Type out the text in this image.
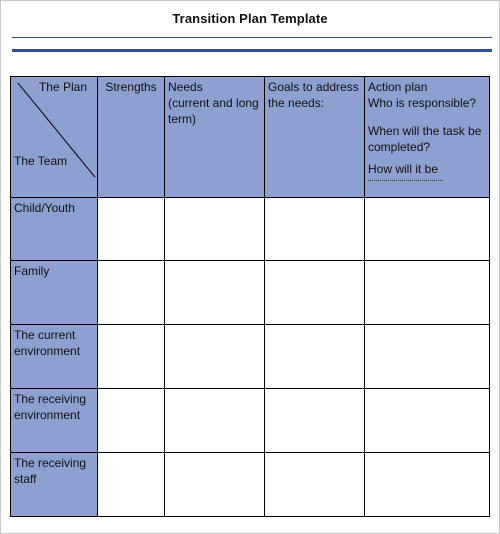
Transition Plan Template
The Plan
The Team
Strengths Needs
(current and long
term)
Goals to address
the needs:
Action plan
Who is responsible?
When will the task be
completed?
How will it be
Child/Youth
Family
The current
environment
The receiving
environment
The receiving
staff
